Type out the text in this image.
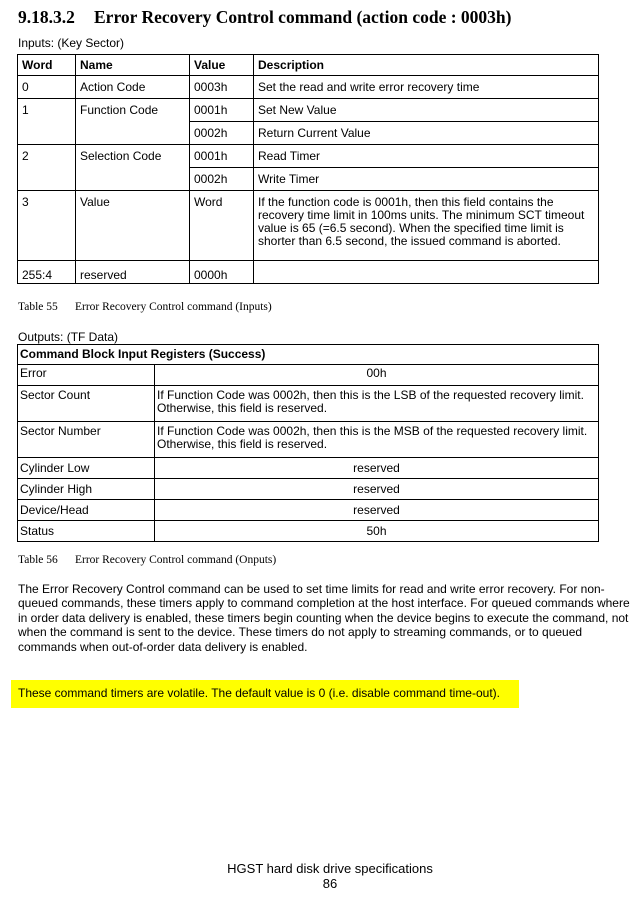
9.18.3.2 Error Recovery Control command (action code : 0003h)
Inputs: (Key Sector)
Word	Name	Value	Description
0	Action Code	0003h	Set the read and write error recovery time
1	Function Code	0001h	Set New Value
		0002h	Return Current Value
2	Selection Code	0001h	Read Timer
		0002h	Write Timer
3	Value	Word	If the function code is 0001h, then this field contains the recovery time limit in 100ms units. The minimum SCT timeout value is 65 (=6.5 second). When the specified time limit is shorter than 6.5 second, the issued command is aborted.
255:4	reserved	0000h	
Table 55 Error Recovery Control command (Inputs)
Outputs: (TF Data)
Command Block Input Registers (Success)	
Error	00h
Sector Count	If Function Code was 0002h, then this is the LSB of the requested recovery limit. Otherwise, this field is reserved.
Sector Number	If Function Code was 0002h, then this is the MSB of the requested recovery limit. Otherwise, this field is reserved.
Cylinder Low	reserved
Cylinder High	reserved
Device/Head	reserved
Status	50h
Table 56 Error Recovery Control command (Onputs)
The Error Recovery Control command can be used to set time limits for read and write error recovery. For non-queued commands, these timers apply to command completion at the host interface. For queued commands where in order data delivery is enabled, these timers begin counting when the device begins to execute the command, not when the command is sent to the device. These timers do not apply to streaming commands, or to queued commands when out-of-order data delivery is enabled.
These command timers are volatile. The default value is 0 (i.e. disable command time-out).
HGST hard disk drive specifications
86
